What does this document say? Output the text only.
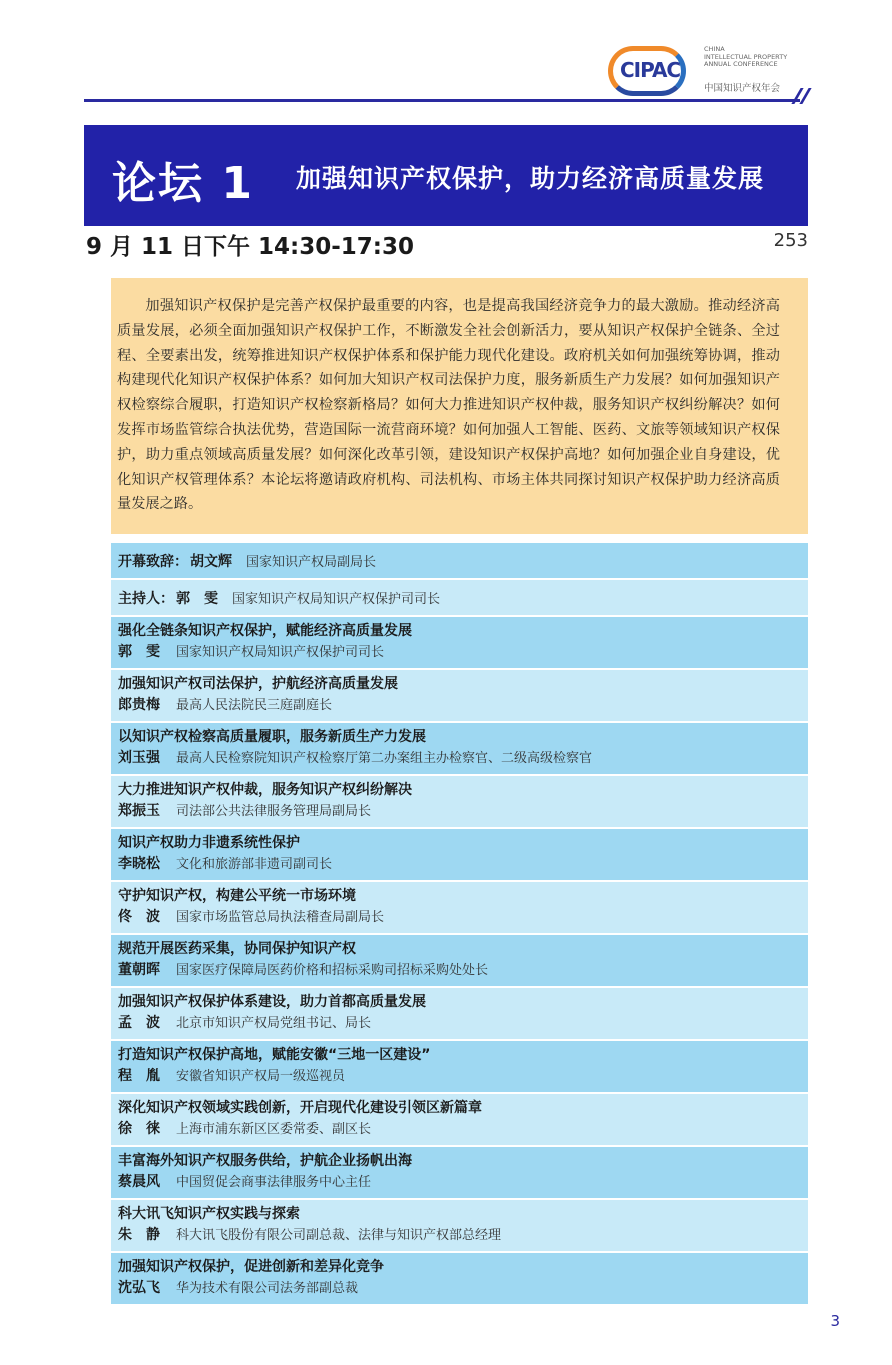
CIPAC
CHINA
INTELLECTUAL PROPERTY
ANNUAL CONFERENCE
中国知识产权年会
论坛 1 加强知识产权保护，助力经济高质量发展
9 月 11 日下午 14:30-17:30	253
加强知识产权保护是完善产权保护最重要的内容，也是提高我国经济竞争力的最大激励。推动经济高质量发展，必须全面加强知识产权保护工作，不断激发全社会创新活力，要从知识产权保护全链条、全过程、全要素出发，统筹推进知识产权保护体系和保护能力现代化建设。政府机关如何加强统筹协调，推动构建现代化知识产权保护体系？如何加大知识产权司法保护力度，服务新质生产力发展？如何加强知识产权检察综合履职，打造知识产权检察新格局？如何大力推进知识产权仲裁，服务知识产权纠纷解决？如何发挥市场监管综合执法优势，营造国际一流营商环境？如何加强人工智能、医药、文旅等领域知识产权保护，助力重点领域高质量发展？如何深化改革引领，建设知识产权保护高地？如何加强企业自身建设，优化知识产权管理体系？本论坛将邀请政府机构、司法机构、市场主体共同探讨知识产权保护助力经济高质量发展之路。
开幕致辞： 胡文辉 国家知识产权局副局长
主持人： 郭　雯 国家知识产权局知识产权保护司司长
强化全链条知识产权保护，赋能经济高质量发展
郭　雯	国家知识产权局知识产权保护司司长
加强知识产权司法保护，护航经济高质量发展
郎贵梅	最高人民法院民三庭副庭长
以知识产权检察高质量履职，服务新质生产力发展
刘玉强	最高人民检察院知识产权检察厅第二办案组主办检察官、二级高级检察官
大力推进知识产权仲裁，服务知识产权纠纷解决
郑振玉	司法部公共法律服务管理局副局长
知识产权助力非遗系统性保护
李晓松	文化和旅游部非遗司副司长
守护知识产权，构建公平统一市场环境
佟　波	国家市场监管总局执法稽查局副局长
规范开展医药采集，协同保护知识产权
董朝晖	国家医疗保障局医药价格和招标采购司招标采购处处长
加强知识产权保护体系建设，助力首都高质量发展
孟　波	北京市知识产权局党组书记、局长
打造知识产权保护高地，赋能安徽“三地一区建设”
程　胤	安徽省知识产权局一级巡视员
深化知识产权领域实践创新，开启现代化建设引领区新篇章
徐　徕	上海市浦东新区区委常委、副区长
丰富海外知识产权服务供给，护航企业扬帆出海
蔡晨风	中国贸促会商事法律服务中心主任
科大讯飞知识产权实践与探索
朱　静	科大讯飞股份有限公司副总裁、法律与知识产权部总经理
加强知识产权保护，促进创新和差异化竞争
沈弘飞	华为技术有限公司法务部副总裁
3
